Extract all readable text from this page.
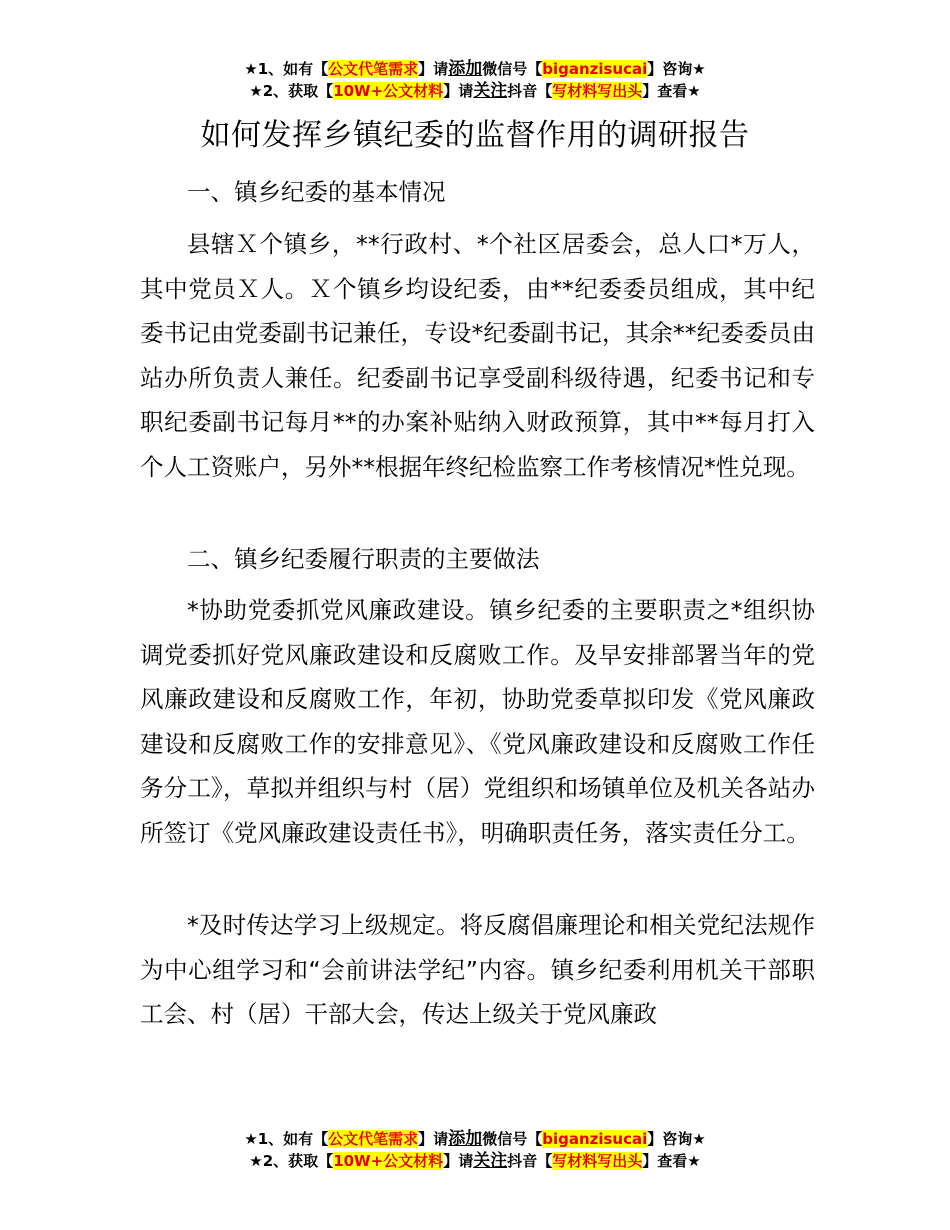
★1、如有【公文代笔需求】请添加微信号【biganzisucai】咨询★
★2、获取【10W+公文材料】请关注抖音【写材料写出头】查看★
如何发挥乡镇纪委的监督作用的调研报告
一、镇乡纪委的基本情况

县辖Ｘ个镇乡，**行政村、*个社区居委会，总人口*万人，其中党员Ｘ人。Ｘ个镇乡均设纪委，由**纪委委员组成，其中纪委书记由党委副书记兼任，专设*纪委副书记，其余**纪委委员由站办所负责人兼任。纪委副书记享受副科级待遇，纪委书记和专职纪委副书记每月**的办案补贴纳入财政预算，其中**每月打入个人工资账户，另外**根据年终纪检监察工作考核情况*性兑现。

二、镇乡纪委履行职责的主要做法

*协助党委抓党风廉政建设。镇乡纪委的主要职责之*组织协调党委抓好党风廉政建设和反腐败工作。及早安排部署当年的党风廉政建设和反腐败工作，年初，协助党委草拟印发《党风廉政建设和反腐败工作的安排意见》、《党风廉政建设和反腐败工作任务分工》，草拟并组织与村（居）党组织和场镇单位及机关各站办所签订《党风廉政建设责任书》，明确职责任务，落实责任分工。

*及时传达学习上级规定。将反腐倡廉理论和相关党纪法规作为中心组学习和“会前讲法学纪”内容。镇乡纪委利用机关干部职工会、村（居）干部大会，传达上级关于党风廉政

★1、如有【公文代笔需求】请添加微信号【biganzisucai】咨询★
★2、获取【10W+公文材料】请关注抖音【写材料写出头】查看★
